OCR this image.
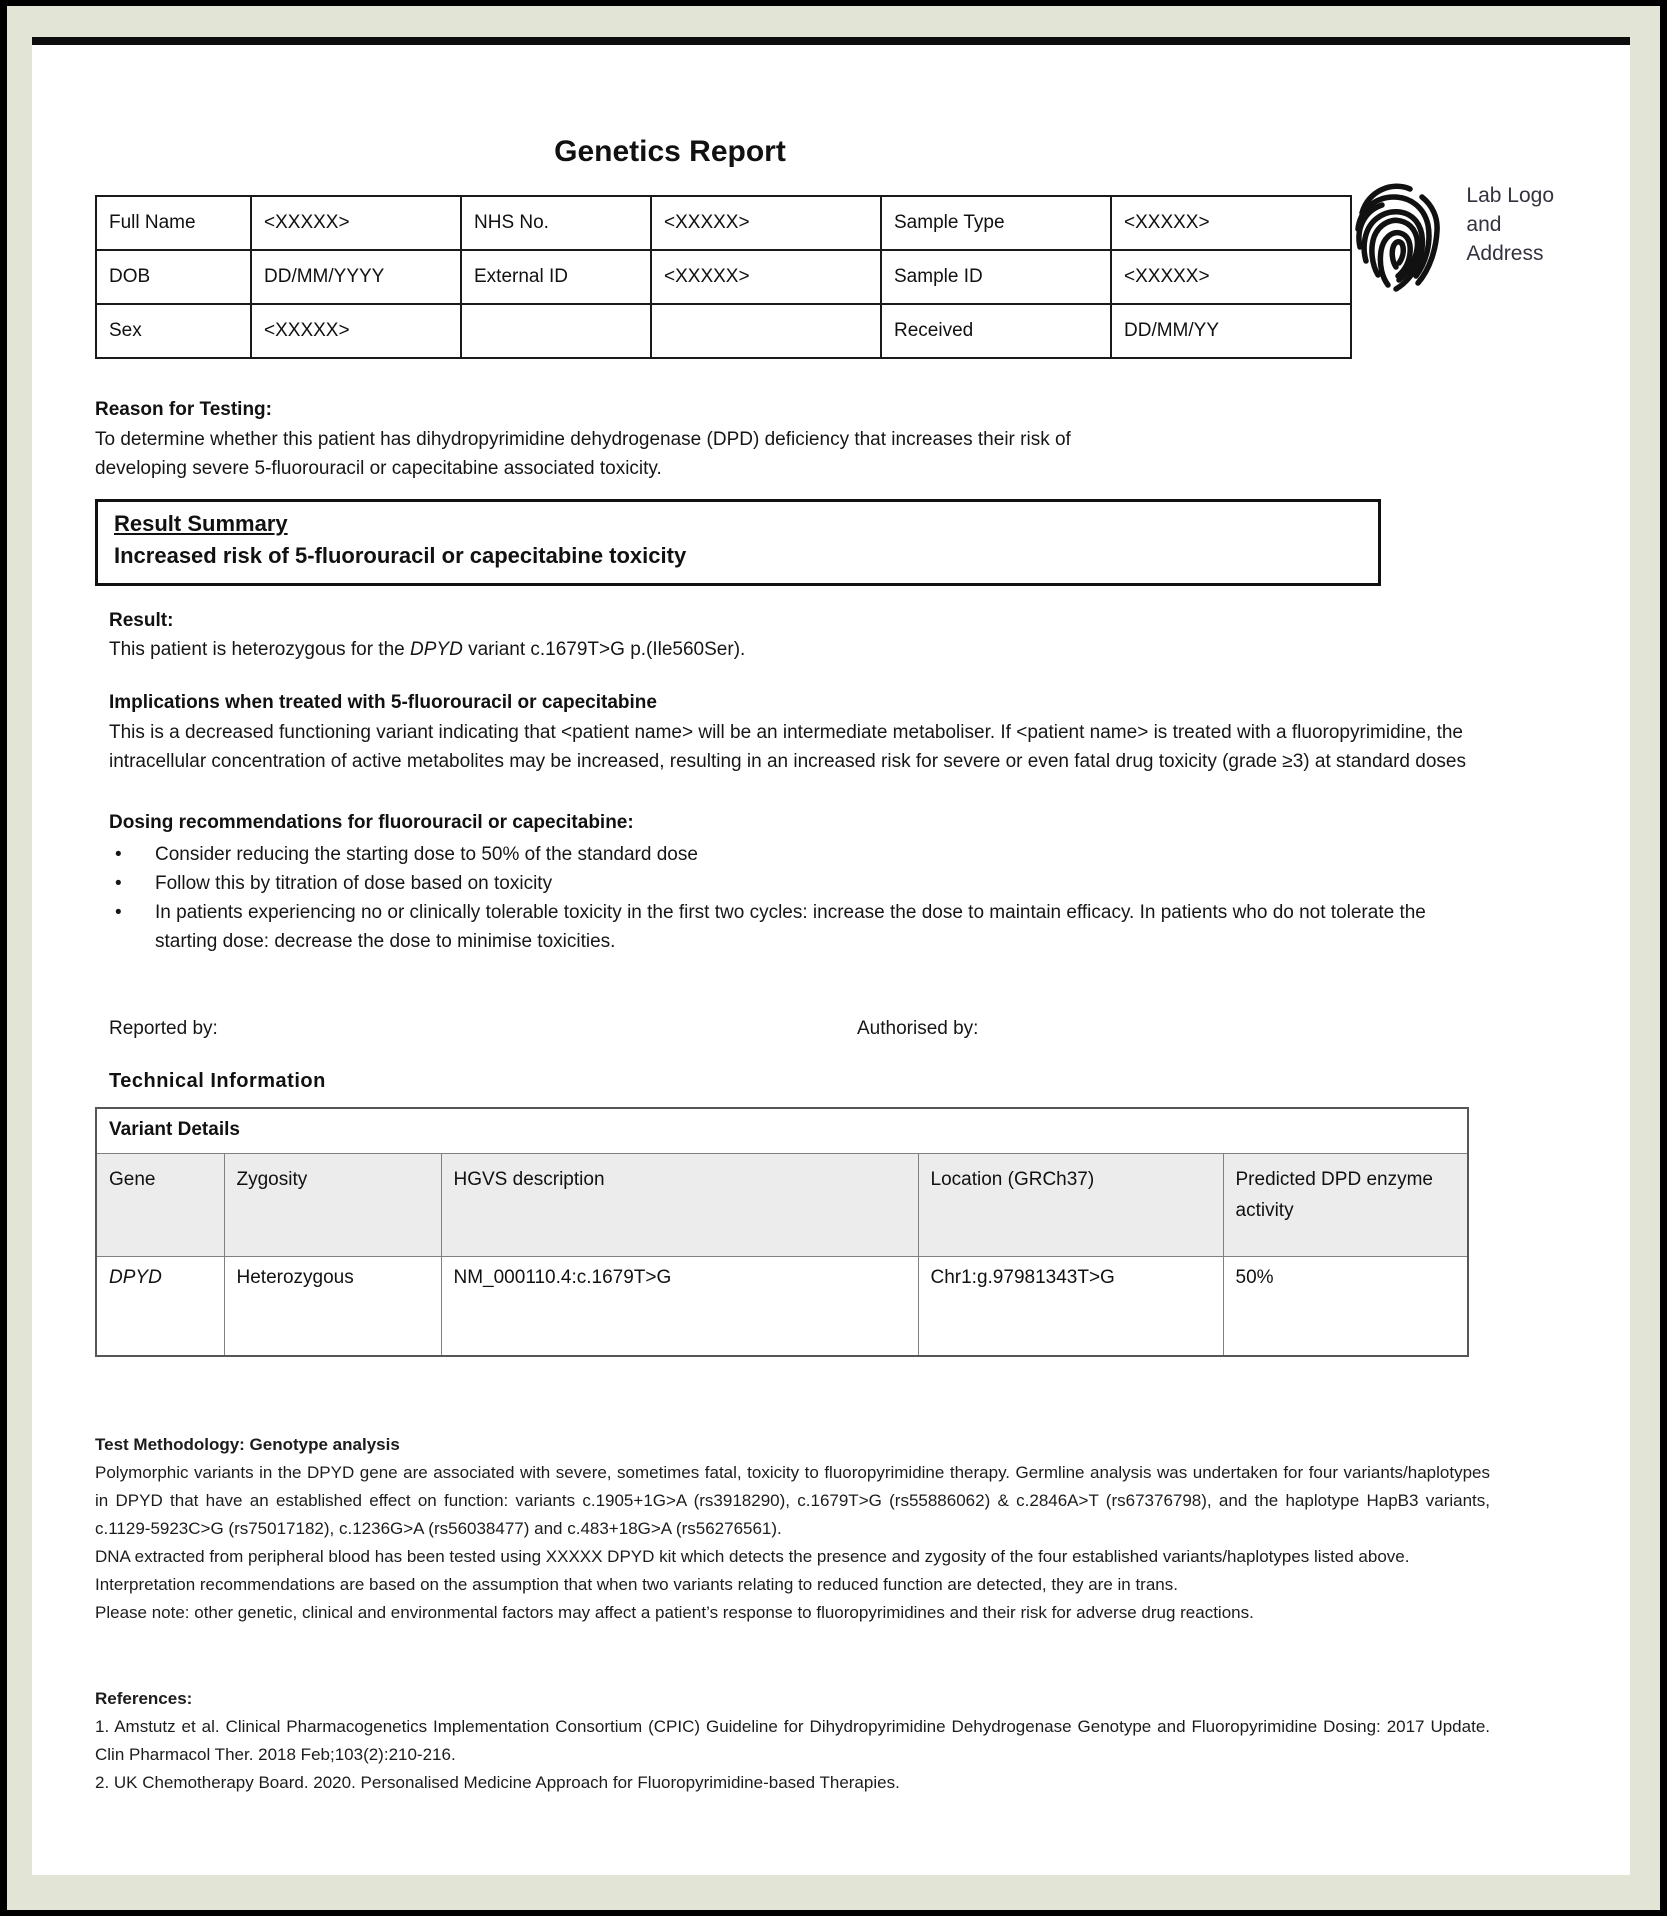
Genetics Report
Lab Logo
and
Address
Full Name	<XXXXX>	NHS No.	<XXXXX>	Sample Type	<XXXXX>
DOB	DD/MM/YYYY	External ID	<XXXXX>	Sample ID	<XXXXX>
Sex	<XXXXX>			Received	DD/MM/YY

Reason for Testing:

To determine whether this patient has dihydropyrimidine dehydrogenase (DPD) deficiency that increases their risk of developing severe 5-fluorouracil or capecitabine associated toxicity.

Result Summary

Increased risk of 5-fluorouracil or capecitabine toxicity

Result:

This patient is heterozygous for the DPYD variant c.1679T>G p.(Ile560Ser).

Implications when treated with 5-fluorouracil or capecitabine

This is a decreased functioning variant indicating that <patient name> will be an intermediate metaboliser. If <patient name> is treated with a fluoropyrimidine, the intracellular concentration of active metabolites may be increased, resulting in an increased risk for severe or even fatal drug toxicity (grade ≥3) at standard doses

Dosing recommendations for fluorouracil or capecitabine:

• Consider reducing the starting dose to 50% of the standard dose
• Follow this by titration of dose based on toxicity
• In patients experiencing no or clinically tolerable toxicity in the first two cycles: increase the dose to maintain efficacy. In patients who do not tolerate the starting dose: decrease the dose to minimise toxicities.
Reported by:	Authorised by:
Technical Information
Variant Details				
Gene	Zygosity	HGVS description	Location (GRCh37)	Predicted DPD enzyme activity
DPYD	Heterozygous	NM_000110.4:c.1679T>G	Chr1:g.97981343T>G	50%

Test Methodology: Genotype analysis

Polymorphic variants in the DPYD gene are associated with severe, sometimes fatal, toxicity to fluoropyrimidine therapy. Germline analysis was undertaken for four variants/haplotypes in DPYD that have an established effect on function: variants c.1905+1G>A (rs3918290), c.1679T>G (rs55886062) & c.2846A>T (rs67376798), and the haplotype HapB3 variants, c.1129-5923C>G (rs75017182), c.1236G>A (rs56038477) and c.483+18G>A (rs56276561).

DNA extracted from peripheral blood has been tested using XXXXX DPYD kit which detects the presence and zygosity of the four established variants/haplotypes listed above.

Interpretation recommendations are based on the assumption that when two variants relating to reduced function are detected, they are in trans.

Please note: other genetic, clinical and environmental factors may affect a patient’s response to fluoropyrimidines and their risk for adverse drug reactions.

References:

1. Amstutz et al. Clinical Pharmacogenetics Implementation Consortium (CPIC) Guideline for Dihydropyrimidine Dehydrogenase Genotype and Fluoropyrimidine Dosing: 2017 Update. Clin Pharmacol Ther. 2018 Feb;103(2):210-216.

2. UK Chemotherapy Board. 2020. Personalised Medicine Approach for Fluoropyrimidine-based Therapies.
